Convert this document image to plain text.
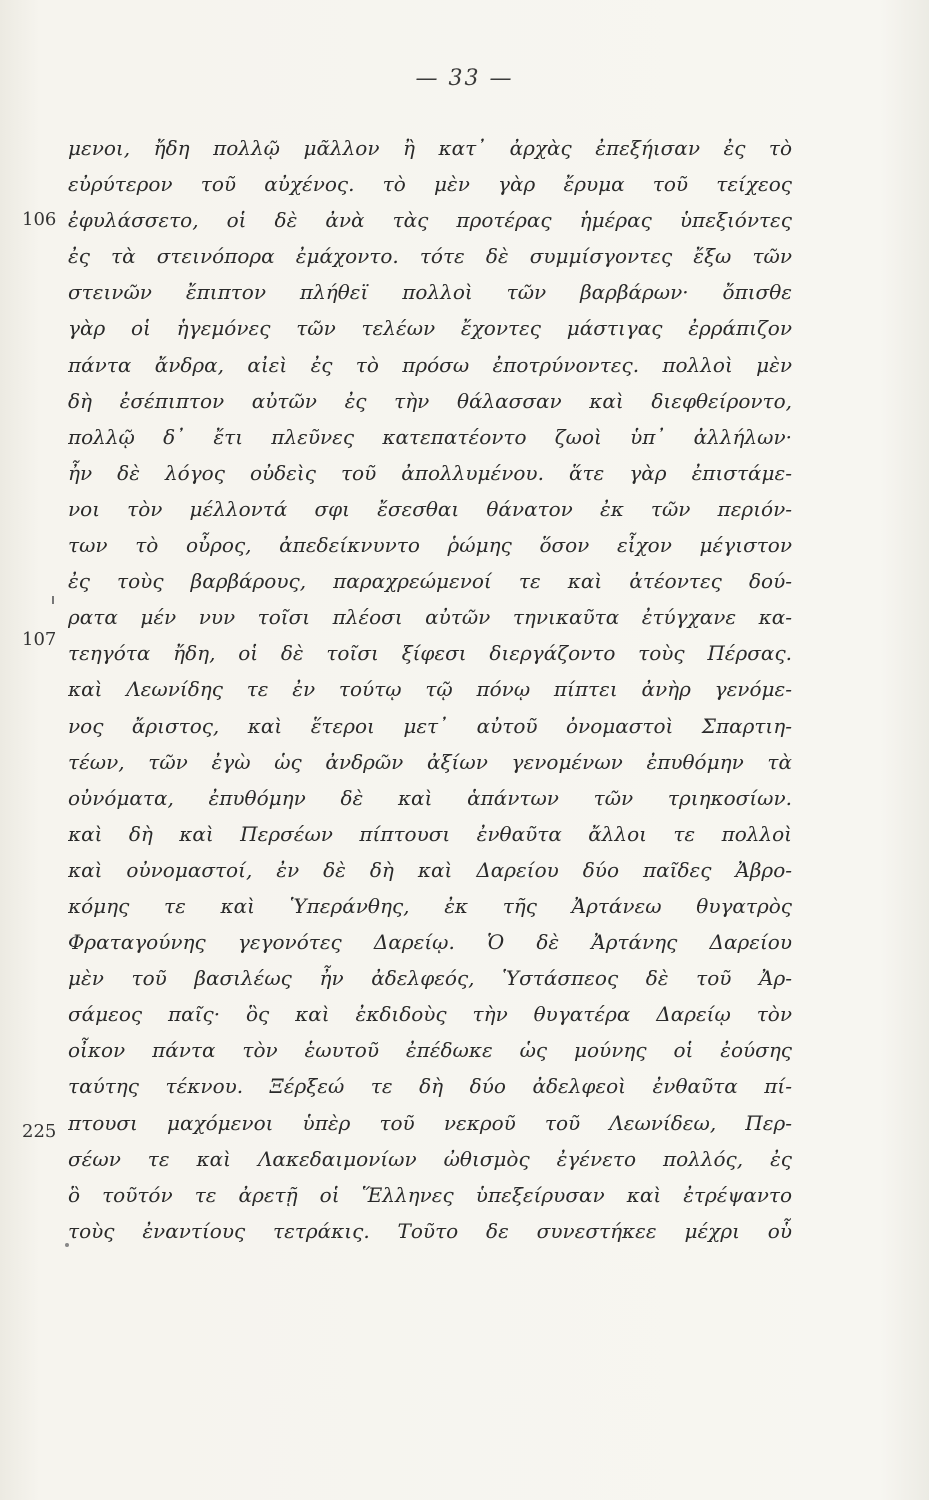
— 33 —
106
107
225
μενοι, ἤδη πολλῷ μᾶλλον ἢ κατ᾽ ἀρχὰς ἐπεξήισαν ἐς τὸ
εὐρύτερον τοῦ αὐχένος. τὸ μὲν γὰρ ἔρυμα τοῦ τείχεος
ἐφυλάσσετο, οἱ δὲ ἀνὰ τὰς προτέρας ἡμέρας ὑπεξιόντες
ἐς τὰ στεινόπορα ἐμάχοντο. τότε δὲ συμμίσγοντες ἔξω τῶν
στεινῶν ἔπιπτον πλήθεϊ πολλοὶ τῶν βαρβάρων· ὄπισθε
γὰρ οἱ ἡγεμόνες τῶν τελέων ἔχοντες μάστιγας ἐρράπιζον
πάντα ἄνδρα, αἰεὶ ἐς τὸ πρόσω ἐποτρύνοντες. πολλοὶ μὲν
δὴ ἐσέπιπτον αὐτῶν ἐς τὴν θάλασσαν καὶ διεφθείροντο,
πολλῷ δ᾽ ἔτι πλεῦνες κατεπατέοντο ζωοὶ ὑπ᾽ ἀλλήλων·
ἦν δὲ λόγος οὐδεὶς τοῦ ἀπολλυμένου. ἅτε γὰρ ἐπιστάμε-
νοι τὸν μέλλοντά σφι ἔσεσθαι θάνατον ἐκ τῶν περιόν-
των τὸ οὖρος, ἀπεδείκνυντο ῥώμης ὅσον εἶχον μέγιστον
ἐς τοὺς βαρβάρους, παραχρεώμενοί τε καὶ ἀτέοντες δού-
ρατα μέν νυν τοῖσι πλέοσι αὐτῶν τηνικαῦτα ἐτύγχανε κα-
τεηγότα ἤδη, οἱ δὲ τοῖσι ξίφεσι διεργάζοντο τοὺς Πέρσας.
καὶ Λεωνίδης τε ἐν τούτῳ τῷ πόνῳ πίπτει ἀνὴρ γενόμε-
νος ἄριστος, καὶ ἕτεροι μετ᾽ αὐτοῦ ὀνομαστοὶ Σπαρτιη-
τέων, τῶν ἐγὼ ὡς ἀνδρῶν ἀξίων γενομένων ἐπυθόμην τὰ
οὐνόματα, ἐπυθόμην δὲ καὶ ἁπάντων τῶν τριηκοσίων.
καὶ δὴ καὶ Περσέων πίπτουσι ἐνθαῦτα ἄλλοι τε πολλοὶ
καὶ οὐνομαστοί, ἐν δὲ δὴ καὶ Δαρείου δύο παῖδες Ἀβρο-
κόμης τε καὶ Ὑπεράνθης, ἐκ τῆς Ἀρτάνεω θυγατρὸς
Φραταγούνης γεγονότες Δαρείῳ. Ὁ δὲ Ἀρτάνης Δαρείου
μὲν τοῦ βασιλέως ἦν ἀδελφεός, Ὑστάσπεος δὲ τοῦ Ἀρ-
σάμεος παῖς· ὃς καὶ ἐκδιδοὺς τὴν θυγατέρα Δαρείῳ τὸν
οἶκον πάντα τὸν ἑωυτοῦ ἐπέδωκε ὡς μούνης οἱ ἐούσης
ταύτης τέκνου. Ξέρξεώ τε δὴ δύο ἀδελφεοὶ ἐνθαῦτα πί-
πτουσι μαχόμενοι ὑπὲρ τοῦ νεκροῦ τοῦ Λεωνίδεω, Περ-
σέων τε καὶ Λακεδαιμονίων ὠθισμὸς ἐγένετο πολλός, ἐς
ὃ τοῦτόν τε ἀρετῇ οἱ Ἕλληνες ὑπεξείρυσαν καὶ ἐτρέψαντο
τοὺς ἐναντίους τετράκις. Τοῦτο δε συνεστήκεε μέχρι οὗ
